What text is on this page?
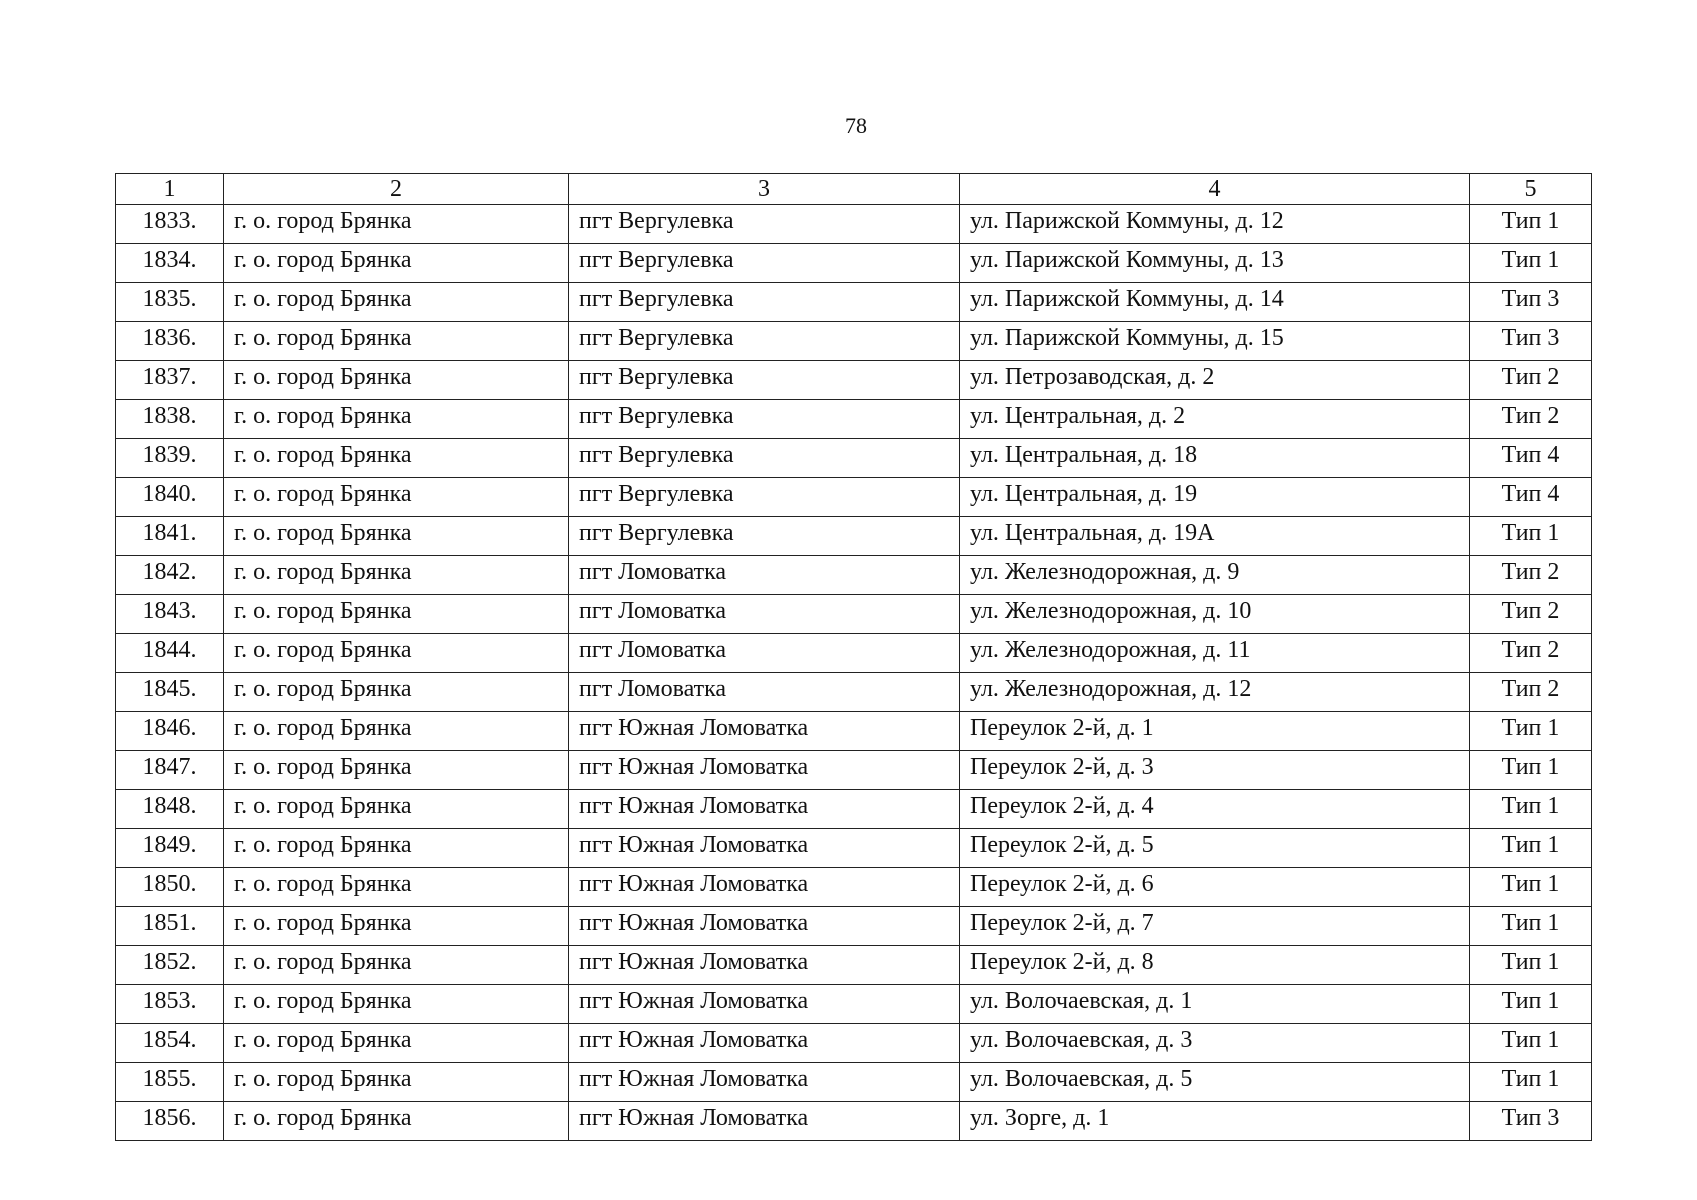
78
1	2	3	4	5
1833.	г. о. город Брянка	пгт Вергулевка	ул. Парижской Коммуны, д. 12	Тип 1
1834.	г. о. город Брянка	пгт Вергулевка	ул. Парижской Коммуны, д. 13	Тип 1
1835.	г. о. город Брянка	пгт Вергулевка	ул. Парижской Коммуны, д. 14	Тип 3
1836.	г. о. город Брянка	пгт Вергулевка	ул. Парижской Коммуны, д. 15	Тип 3
1837.	г. о. город Брянка	пгт Вергулевка	ул. Петрозаводская, д. 2	Тип 2
1838.	г. о. город Брянка	пгт Вергулевка	ул. Центральная, д. 2	Тип 2
1839.	г. о. город Брянка	пгт Вергулевка	ул. Центральная, д. 18	Тип 4
1840.	г. о. город Брянка	пгт Вергулевка	ул. Центральная, д. 19	Тип 4
1841.	г. о. город Брянка	пгт Вергулевка	ул. Центральная, д. 19А	Тип 1
1842.	г. о. город Брянка	пгт Ломоватка	ул. Железнодорожная, д. 9	Тип 2
1843.	г. о. город Брянка	пгт Ломоватка	ул. Железнодорожная, д. 10	Тип 2
1844.	г. о. город Брянка	пгт Ломоватка	ул. Железнодорожная, д. 11	Тип 2
1845.	г. о. город Брянка	пгт Ломоватка	ул. Железнодорожная, д. 12	Тип 2
1846.	г. о. город Брянка	пгт Южная Ломоватка	Переулок 2-й, д. 1	Тип 1
1847.	г. о. город Брянка	пгт Южная Ломоватка	Переулок 2-й, д. 3	Тип 1
1848.	г. о. город Брянка	пгт Южная Ломоватка	Переулок 2-й, д. 4	Тип 1
1849.	г. о. город Брянка	пгт Южная Ломоватка	Переулок 2-й, д. 5	Тип 1
1850.	г. о. город Брянка	пгт Южная Ломоватка	Переулок 2-й, д. 6	Тип 1
1851.	г. о. город Брянка	пгт Южная Ломоватка	Переулок 2-й, д. 7	Тип 1
1852.	г. о. город Брянка	пгт Южная Ломоватка	Переулок 2-й, д. 8	Тип 1
1853.	г. о. город Брянка	пгт Южная Ломоватка	ул. Волочаевская, д. 1	Тип 1
1854.	г. о. город Брянка	пгт Южная Ломоватка	ул. Волочаевская, д. 3	Тип 1
1855.	г. о. город Брянка	пгт Южная Ломоватка	ул. Волочаевская, д. 5	Тип 1
1856.	г. о. город Брянка	пгт Южная Ломоватка	ул. Зорге, д. 1	Тип 3
